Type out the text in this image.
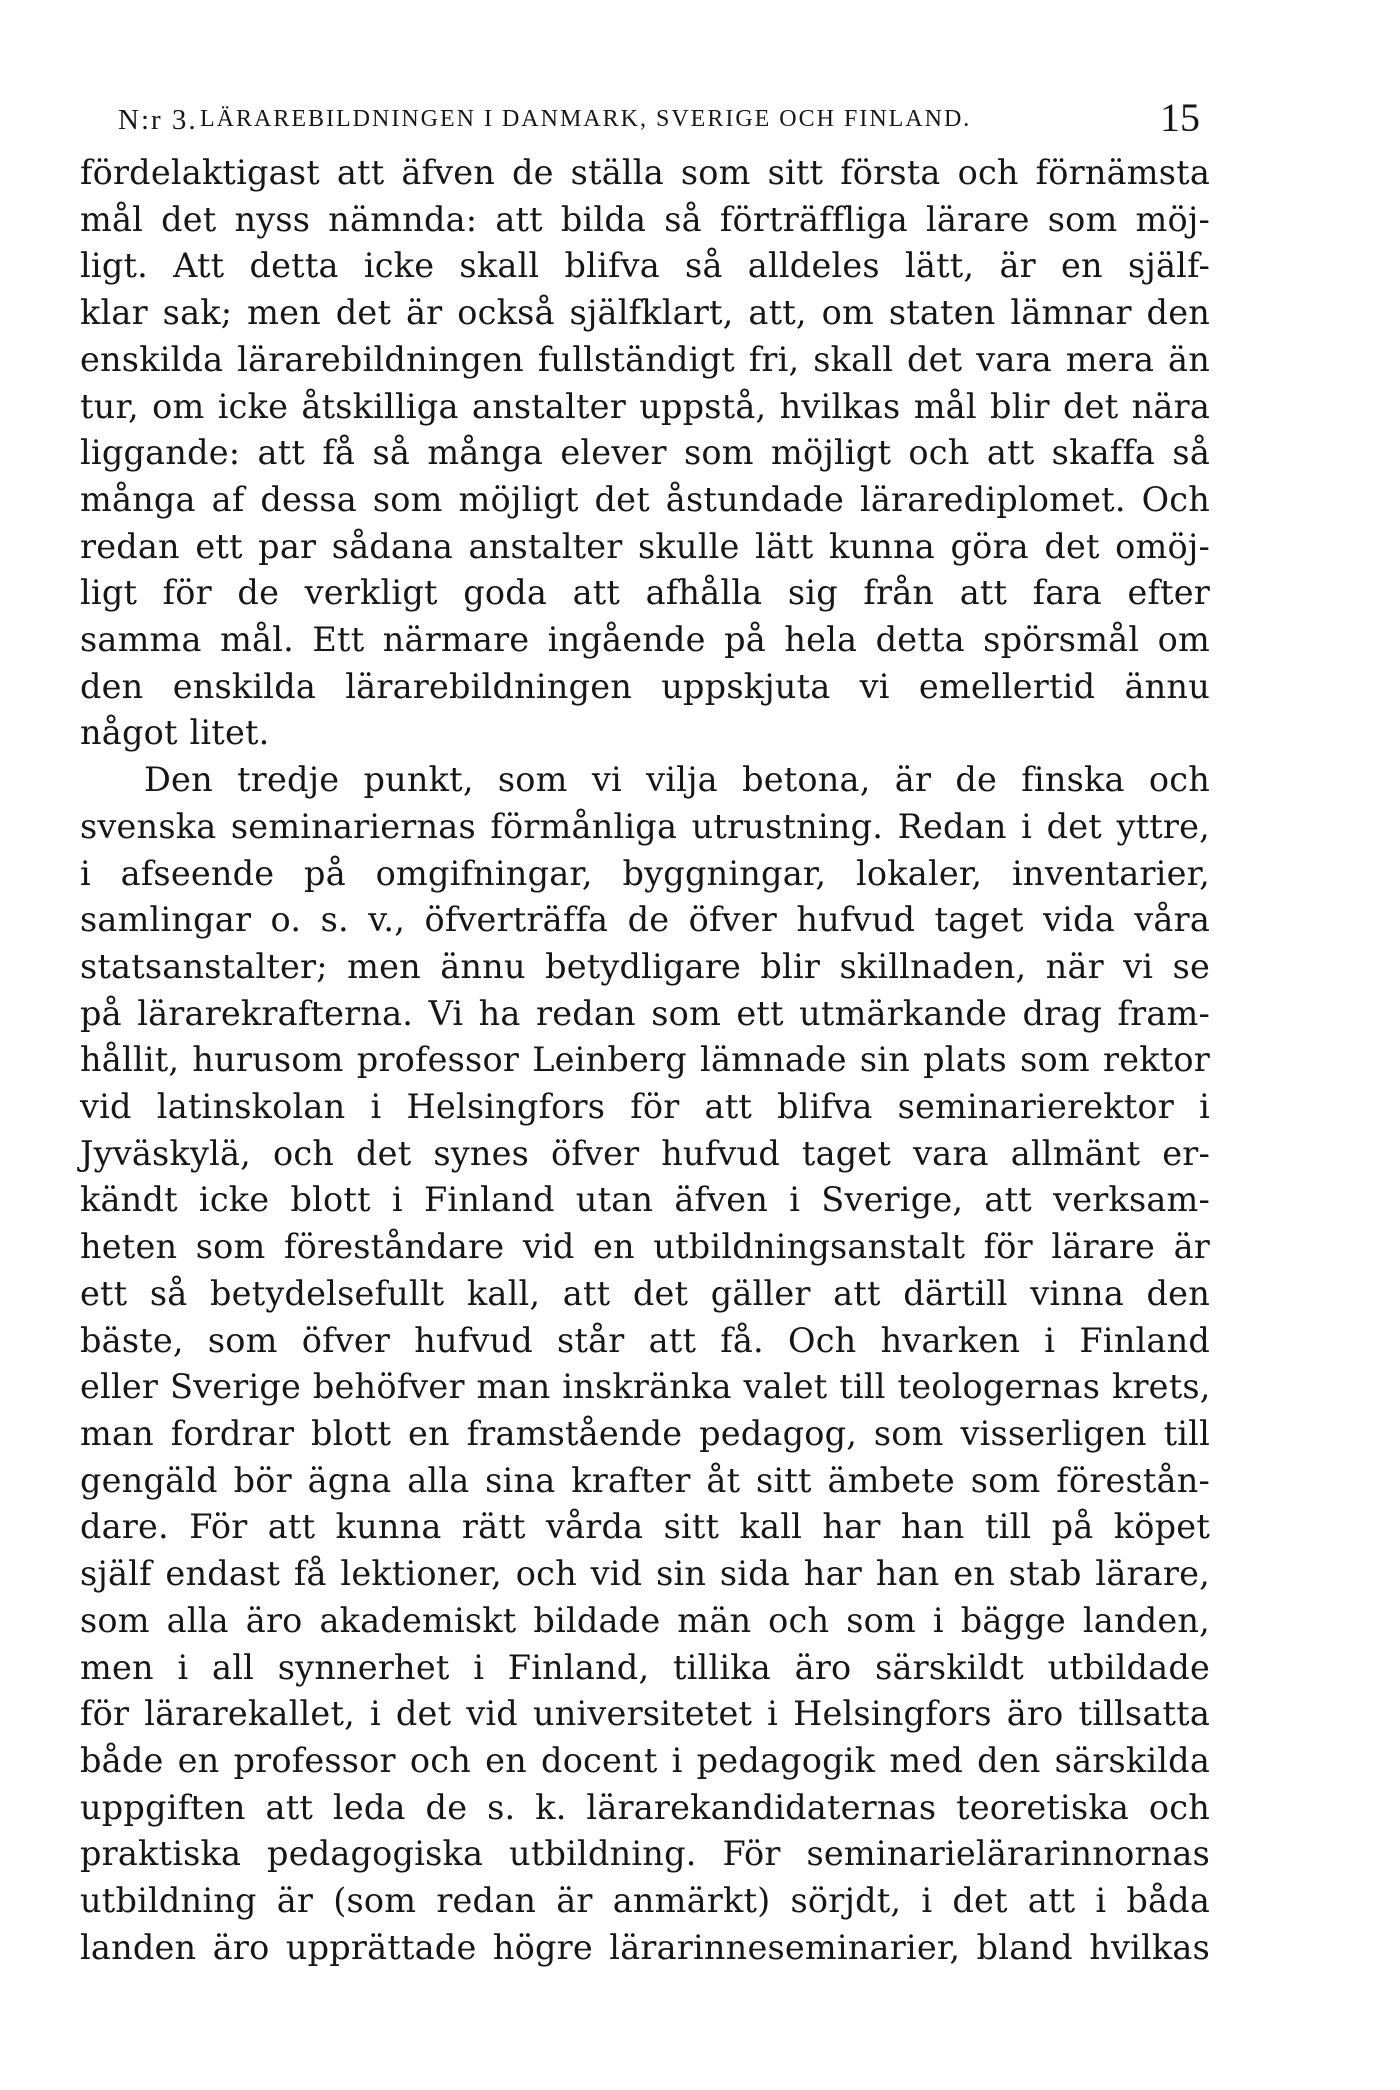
N:r 3. LÄRAREBILDNINGEN I DANMARK, SVERIGE OCH FINLAND.	15
fördelaktigast att äfven de ställa som sitt första och förnämsta
mål det nyss nämnda: att bilda så förträffliga lärare som möj-
ligt. Att detta icke skall blifva så alldeles lätt, är en själf-
klar sak; men det är också själfklart, att, om staten lämnar den
enskilda lärarebildningen fullständigt fri, skall det vara mera än
tur, om icke åtskilliga anstalter uppstå, hvilkas mål blir det nära
liggande: att få så många elever som möjligt och att skaffa så
många af dessa som möjligt det åstundade lärarediplomet. Och
redan ett par sådana anstalter skulle lätt kunna göra det omöj-
ligt för de verkligt goda att afhålla sig från att fara efter
samma mål. Ett närmare ingående på hela detta spörsmål om
den enskilda lärarebildningen uppskjuta vi emellertid ännu
något litet.
Den tredje punkt, som vi vilja betona, är de finska och
svenska seminariernas förmånliga utrustning. Redan i det yttre,
i afseende på omgifningar, byggningar, lokaler, inventarier,
samlingar o. s. v., öfverträffa de öfver hufvud taget vida våra
statsanstalter; men ännu betydligare blir skillnaden, när vi se
på lärarekrafterna. Vi ha redan som ett utmärkande drag fram-
hållit, hurusom professor Leinberg lämnade sin plats som rektor
vid latinskolan i Helsingfors för att blifva seminarierektor i
Jyväskylä, och det synes öfver hufvud taget vara allmänt er-
kändt icke blott i Finland utan äfven i Sverige, att verksam-
heten som föreståndare vid en utbildningsanstalt för lärare är
ett så betydelsefullt kall, att det gäller att därtill vinna den
bäste, som öfver hufvud står att få. Och hvarken i Finland
eller Sverige behöfver man inskränka valet till teologernas krets,
man fordrar blott en framstående pedagog, som visserligen till
gengäld bör ägna alla sina krafter åt sitt ämbete som förestån-
dare. För att kunna rätt vårda sitt kall har han till på köpet
själf endast få lektioner, och vid sin sida har han en stab lärare,
som alla äro akademiskt bildade män och som i bägge landen,
men i all synnerhet i Finland, tillika äro särskildt utbildade
för lärarekallet, i det vid universitetet i Helsingfors äro tillsatta
både en professor och en docent i pedagogik med den särskilda
uppgiften att leda de s. k. lärarekandidaternas teoretiska och
praktiska pedagogiska utbildning. För seminarielärarinnornas
utbildning är (som redan är anmärkt) sörjdt, i det att i båda
landen äro upprättade högre lärarinneseminarier, bland hvilkas
